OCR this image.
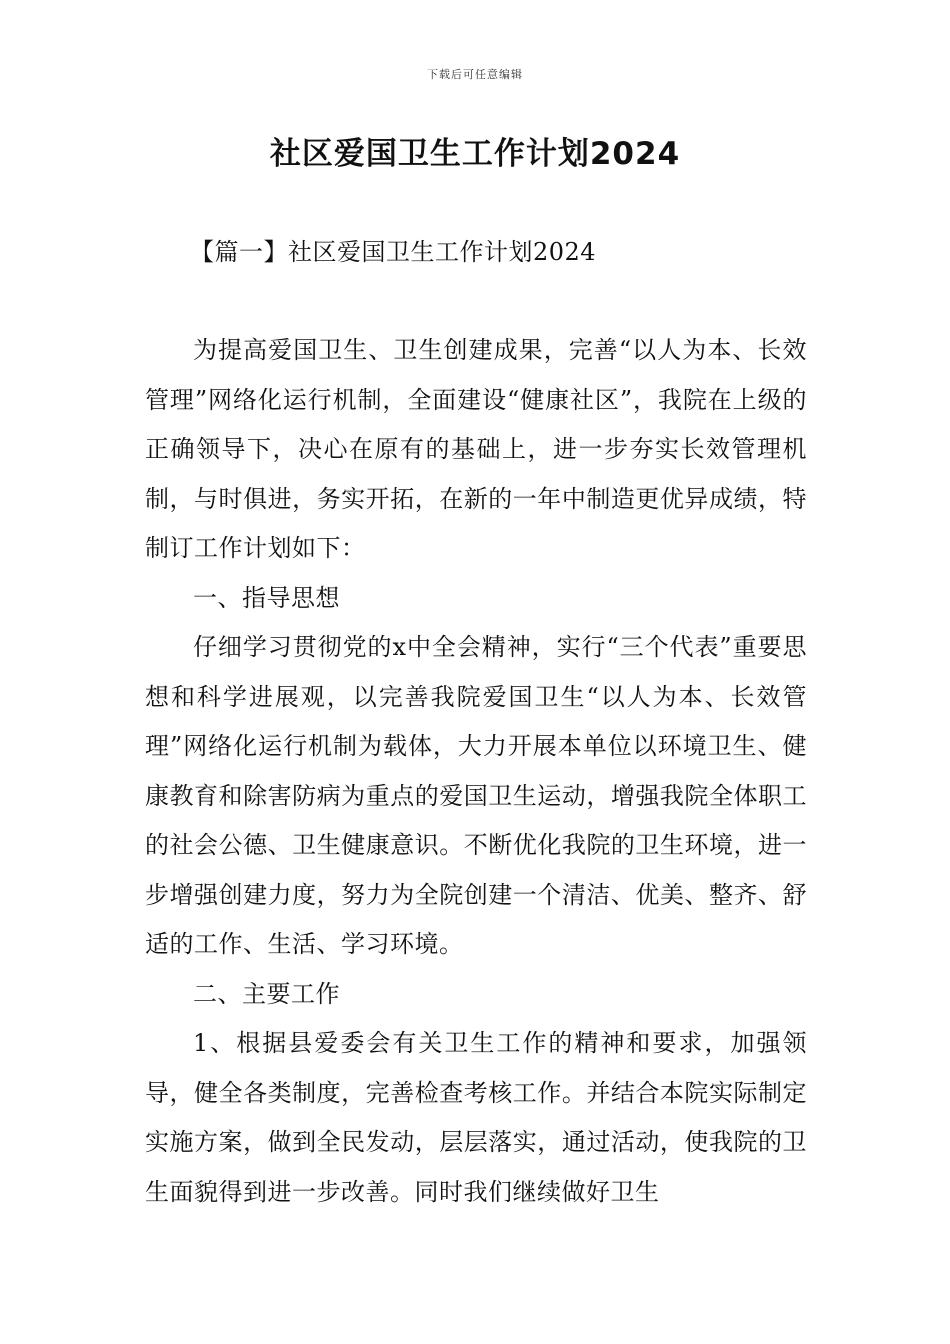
下载后可任意编辑
社区爱国卫生工作计划2024
【篇一】社区爱国卫生工作计划2024

为提高爱国卫生、卫生创建成果，完善“以人为本、长效管理”网络化运行机制，全面建设“健康社区”，我院在上级的正确领导下，决心在原有的基础上，进一步夯实长效管理机制，与时俱进，务实开拓，在新的一年中制造更优异成绩，特制订工作计划如下：

一、指导思想

仔细学习贯彻党的x中全会精神，实行“三个代表”重要思想和科学进展观，以完善我院爱国卫生“以人为本、长效管理”网络化运行机制为载体，大力开展本单位以环境卫生、健康教育和除害防病为重点的爱国卫生运动，增强我院全体职工的社会公德、卫生健康意识。不断优化我院的卫生环境，进一步增强创建力度，努力为全院创建一个清洁、优美、整齐、舒适的工作、生活、学习环境。

二、主要工作

1、根据县爱委会有关卫生工作的精神和要求，加强领导，健全各类制度，完善检查考核工作。并结合本院实际制定实施方案，做到全民发动，层层落实，通过活动，使我院的卫生面貌得到进一步改善。同时我们继续做好卫生
